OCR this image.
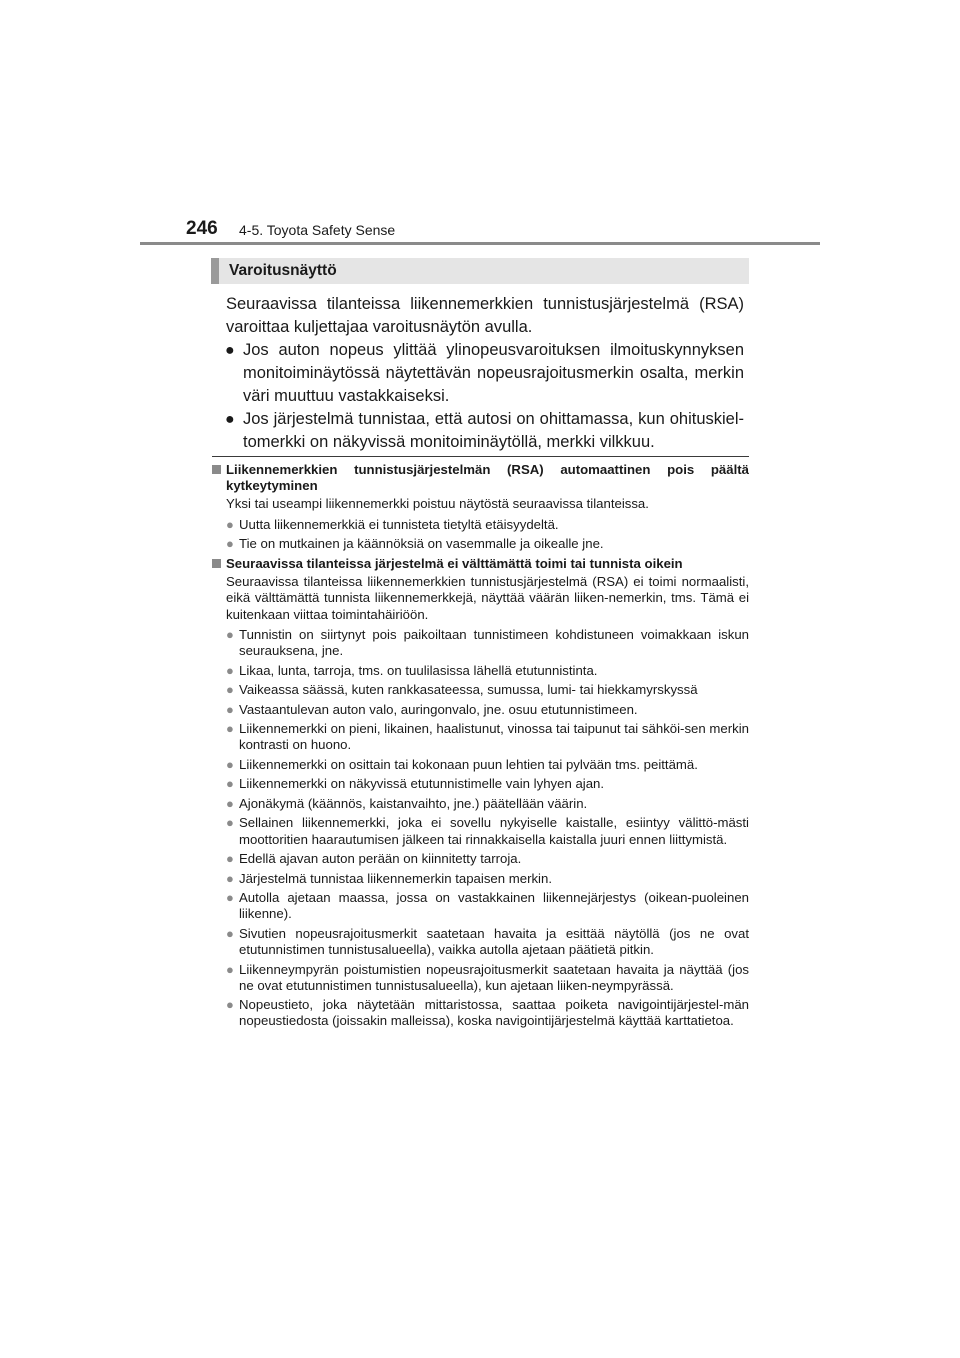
246 4-5. Toyota Safety Sense
Varoitusnäyttö
Seuraavissa tilanteissa liikennemerkkien tunnistusjärjestelmä (RSA) varoittaa kuljettajaa varoitusnäytön avulla.
● Jos auton nopeus ylittää ylinopeusvaroituksen ilmoituskynnyksen monitoiminäytössä näytettävän nopeusrajoitusmerkin osalta, merkin väri muuttuu vastakkaiseksi.
● Jos järjestelmä tunnistaa, että autosi on ohittamassa, kun ohituskiel-tomerkki on näkyvissä monitoiminäytöllä, merkki vilkkuu.
Liikennemerkkien tunnistusjärjestelmän (RSA) automaattinen pois päältä kytkeytyminen
Yksi tai useampi liikennemerkki poistuu näytöstä seuraavissa tilanteissa.
● Uutta liikennemerkkiä ei tunnisteta tietyltä etäisyydeltä.
● Tie on mutkainen ja käännöksiä on vasemmalle ja oikealle jne.
Seuraavissa tilanteissa järjestelmä ei välttämättä toimi tai tunnista oikein
Seuraavissa tilanteissa liikennemerkkien tunnistusjärjestelmä (RSA) ei toimi normaalisti, eikä välttämättä tunnista liikennemerkkejä, näyttää väärän liiken-nemerkin, tms. Tämä ei kuitenkaan viittaa toimintahäiriöön.
● Tunnistin on siirtynyt pois paikoiltaan tunnistimeen kohdistuneen voimakkaan iskun seurauksena, jne.
● Likaa, lunta, tarroja, tms. on tuulilasissa lähellä etutunnistinta.
● Vaikeassa säässä, kuten rankkasateessa, sumussa, lumi- tai hiekkamyrskyssä
● Vastaantulevan auton valo, auringonvalo, jne. osuu etutunnistimeen.
● Liikennemerkki on pieni, likainen, haalistunut, vinossa tai taipunut tai sähköi-sen merkin kontrasti on huono.
● Liikennemerkki on osittain tai kokonaan puun lehtien tai pylvään tms. peittämä.
● Liikennemerkki on näkyvissä etutunnistimelle vain lyhyen ajan.
● Ajonäkymä (käännös, kaistanvaihto, jne.) päätellään väärin.
● Sellainen liikennemerkki, joka ei sovellu nykyiselle kaistalle, esiintyy välittö-mästi moottoritien haarautumisen jälkeen tai rinnakkaisella kaistalla juuri ennen liittymistä.
● Edellä ajavan auton perään on kiinnitetty tarroja.
● Järjestelmä tunnistaa liikennemerkin tapaisen merkin.
● Autolla ajetaan maassa, jossa on vastakkainen liikennejärjestys (oikean-puoleinen liikenne).
● Sivutien nopeusrajoitusmerkit saatetaan havaita ja esittää näytöllä (jos ne ovat etutunnistimen tunnistusalueella), vaikka autolla ajetaan päätietä pitkin.
● Liikenneympyrän poistumistien nopeusrajoitusmerkit saatetaan havaita ja näyttää (jos ne ovat etutunnistimen tunnistusalueella), kun ajetaan liiken-neympyrässä.
● Nopeustieto, joka näytetään mittaristossa, saattaa poiketa navigointijärjestel-män nopeustiedosta (joissakin malleissa), koska navigointijärjestelmä käyttää karttatietoa.
